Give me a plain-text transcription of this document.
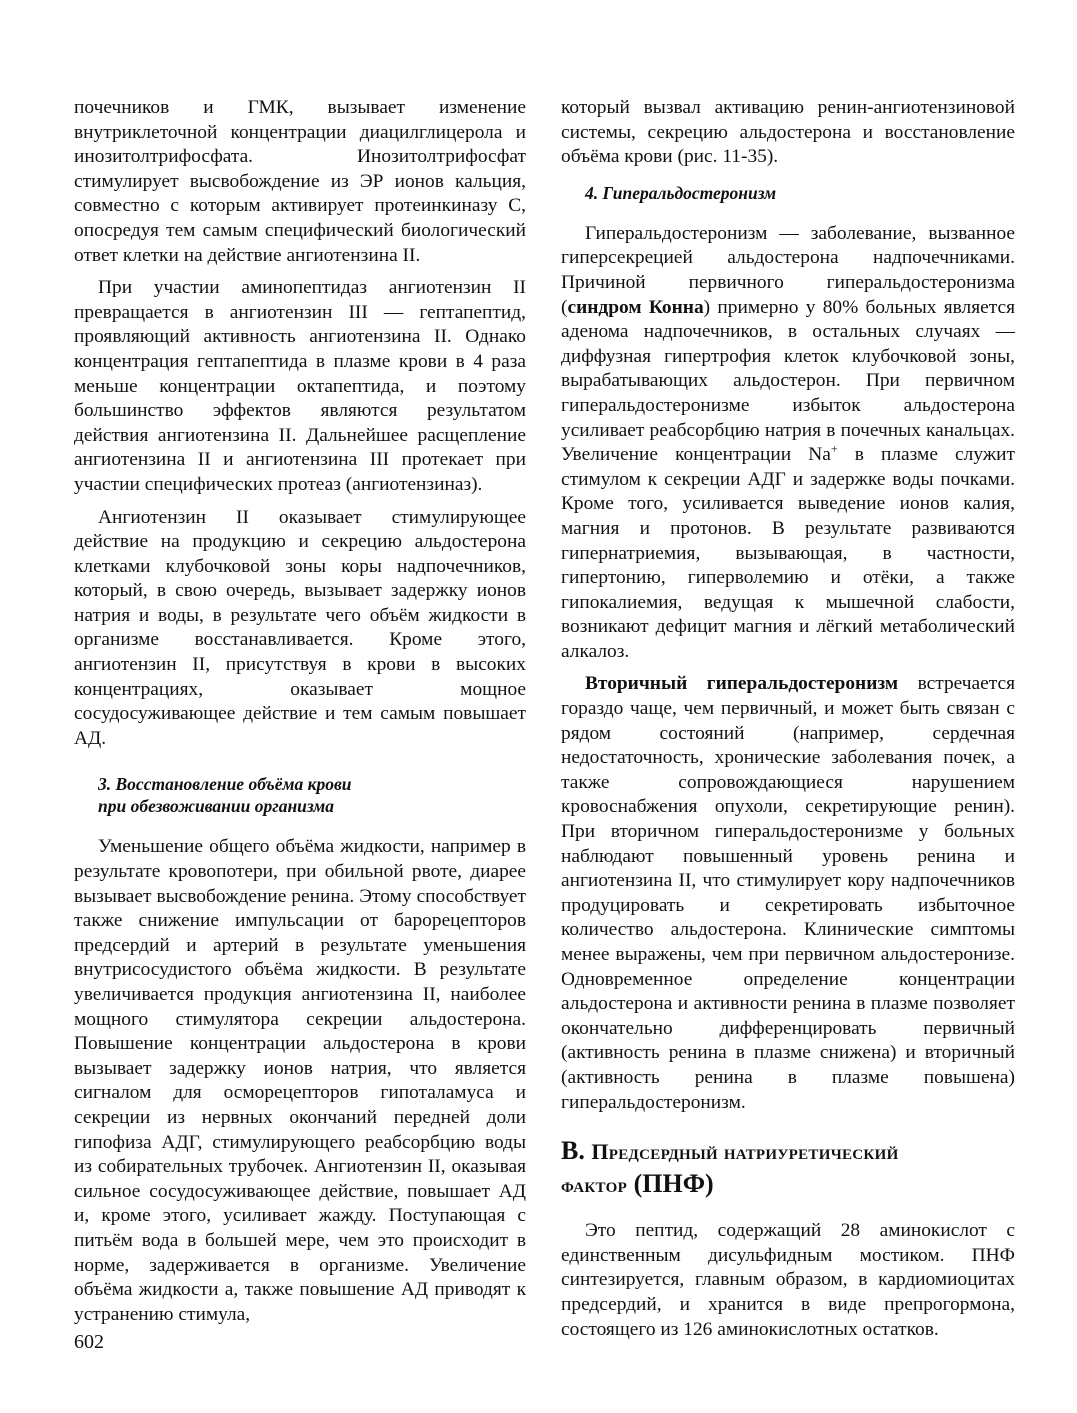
почечников и ГМК, вызывает изменение внутриклеточной концентрации диацилглицерола и инозитолтрифосфата. Инозитолтрифосфат стимулирует высвобождение из ЭР ионов кальция, совместно с которым активирует протеинкиназу C, опосредуя тем самым специфический биологический ответ клетки на действие ангиотензина II.

При участии аминопептидаз ангиотензин II превращается в ангиотензин III — гептапептид, проявляющий активность ангиотензина II. Однако концентрация гептапептида в плазме крови в 4 раза меньше концентрации октапептида, и поэтому большинство эффектов являются результатом действия ангиотензина II. Дальнейшее расщепление ангиотензина II и ангиотензина III протекает при участии специфических протеаз (ангиотензиназ).

Ангиотензин II оказывает стимулирующее действие на продукцию и секрецию альдостерона клетками клубочковой зоны коры надпочечников, который, в свою очередь, вызывает задержку ионов натрия и воды, в результате чего объём жидкости в организме восстанавливается. Кроме этого, ангиотензин II, присутствуя в крови в высоких концентрациях, оказывает мощное сосудосуживающее действие и тем самым повышает АД.

3. Восстановление объёма крови
при обезвоживании организма

Уменьшение общего объёма жидкости, например в результате кровопотери, при обильной рвоте, диарее вызывает высвобождение ренина. Этому способствует также снижение импульсации от барорецепторов предсердий и артерий в результате уменьшения внутрисосудистого объёма жидкости. В результате увеличивается продукция ангиотензина II, наиболее мощного стимулятора секреции альдостерона. Повышение концентрации альдостерона в крови вызывает задержку ионов натрия, что является сигналом для осморецепторов гипоталамуса и секреции из нервных окончаний передней доли гипофиза АДГ, стимулирующего реабсорбцию воды из собирательных трубочек. Ангиотензин II, оказывая сильное сосудосуживающее действие, повышает АД и, кроме этого, усиливает жажду. Поступающая с питьём вода в большей мере, чем это происходит в норме, задерживается в организме. Увеличение объёма жидкости а, также повышение АД приводят к устранению стимула,

который вызвал активацию ренин-ангиотензиновой системы, секрецию альдостерона и восстановление объёма крови (рис. 11-35).

4. Гиперальдостеронизм

Гиперальдостеронизм — заболевание, вызванное гиперсекрецией альдостерона надпочечниками. Причиной первичного гиперальдостеронизма (синдром Конна) примерно у 80% больных является аденома надпочечников, в остальных случаях — диффузная гипертрофия клеток клубочковой зоны, вырабатывающих альдостерон. При первичном гиперальдостеронизме избыток альдостерона усиливает реабсорбцию натрия в почечных канальцах. Увеличение концентрации Na+ в плазме служит стимулом к секреции АДГ и задержке воды почками. Кроме того, усиливается выведение ионов калия, магния и протонов. В результате развиваются гипернатриемия, вызывающая, в частности, гипертонию, гиперволемию и отёки, а также гипокалиемия, ведущая к мышечной слабости, возникают дефицит магния и лёгкий метаболический алкалоз.

Вторичный гиперальдостеронизм встречается гораздо чаще, чем первичный, и может быть связан с рядом состояний (например, сердечная недостаточность, хронические заболевания почек, а также сопровождающиеся нарушением кровоснабжения опухоли, секретирующие ренин). При вторичном гиперальдостеронизме у больных наблюдают повышенный уровень ренина и ангиотензина II, что стимулирует кору надпочечников продуцировать и секретировать избыточное количество альдостерона. Клинические симптомы менее выражены, чем при первичном альдостеронизе. Одновременное определение концентрации альдостерона и активности ренина в плазме позволяет окончательно дифференцировать первичный (активность ренина в плазме снижена) и вторичный (активность ренина в плазме повышена) гиперальдостеронизм.

В. Предсердный натриуретический
фактор (ПНФ)

Это пептид, содержащий 28 аминокислот с единственным дисульфидным мостиком. ПНФ синтезируется, главным образом, в кардиомиоцитах предсердий, и хранится в виде препрогормона, состоящего из 126 аминокислотных остатков.

602
